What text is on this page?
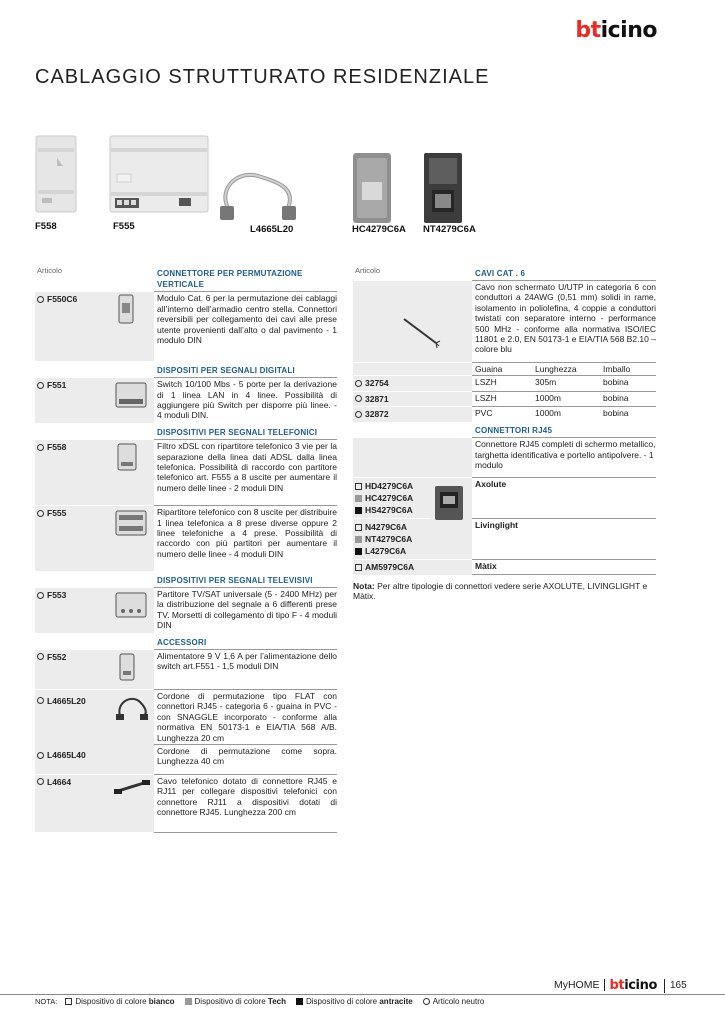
bticino
CABLAGGIO STRUTTURATO RESIDENZIALE
F558	F555	L4665L20	HC4279C6A NT4279C6A
Articolo		CONNETTORE PER PERMUTAZIONE VERTICALE
F550C6		Modulo Cat. 6 per la permutazione dei cablaggi all’interno dell’armadio centro stella. Connettori reversibili per collegamento dei cavi alle prese utente provenienti dall’alto o dal pavimento - 1 modulo DIN
		DISPOSITI PER SEGNALI DIGITALI
F551		Switch 10/100 Mbs - 5 porte per la derivazione di 1 linea LAN in 4 linee. Possibilità di aggiungere più Switch per disporre più linee. - 4 moduli DIN.
		DISPOSITIVI PER SEGNALI TELEFONICI
F558		Filtro xDSL con ripartitore telefonico 3 vie per la separazione della linea dati ADSL dalla linea telefonica. Possibilità di raccordo con partitore telefonico art. F555 a 8 uscite per aumentare il numero delle linee - 2 moduli DIN
F555		Ripartitore telefonico con 8 uscite per distribuire 1 linea telefonica a 8 prese diverse oppure 2 linee telefoniche a 4 prese. Possibilità di raccordo con più partitori per aumentare il numero delle linee - 4 moduli DIN
		DISPOSITIVI PER SEGNALI TELEVISIVI
F553		Partitore TV/SAT universale (5 - 2400 MHz) per la distribuzione del segnale a 6 differenti prese TV. Morsetti di collegamento di tipo F - 4 moduli DIN
		ACCESSORI
F552		Alimentatore 9 V 1,6 A per l’alimentazione dello switch art.F551 - 1,5 moduli DIN
L4665L20		Cordone di permutazione tipo FLAT con connettori RJ45 - categoria 6 - guaina in PVC - con SNAGGLE incorporato - conforme alla normativa EN 50173-1 e EIA/TIA 568 A/B. Lunghezza 20 cm
L4665L40		Cordone di permutazione come sopra. Lunghezza 40 cm
L4664		Cavo telefonico dotato di connettore RJ45 e RJ11 per collegare dispositivi telefonici con connettore RJ11 a dispositivi dotati di connettore RJ45. Lunghezza 200 cm
Articolo		CAVI CAT . 6		
		Cavo non schermato U/UTP in categoria 6 con conduttori a 24AWG (0,51 mm) solidi in rame, isolamento in poliolefina, 4 coppie a conduttori twistati con separatore interno - performance 500 MHz - conforme alla normativa ISO/IEC 11801 e 2.0, EN 50173-1 e EIA/TIA 568 B2.10 – colore blu		
		Guaina	Lunghezza	Imballo
32754		LSZH	305m	bobina
32871		LSZH	1000m	bobina
32872		PVC	1000m	bobina
		CONNETTORI RJ45		
		Connettore RJ45 completi di schermo metallico, targhetta identificativa e portello antipolvere. - 1 modulo		

HD4279C6A
HC4279C6A
HS4279C6A		Axolute		

N4279C6A
NT4279C6A
L4279C6A		Livinglight		
AM5979C6A		Màtix		
Nota: Per altre tipologie di connettori vedere serie AXOLUTE, LIVINGLIGHT e Màtix.
MyHOME bticino	165
NOTA: Dispositivo di colore
bianco	Dispositivo di colore
Tech	Dispositivo di colore
antracite	Articolo neutro
